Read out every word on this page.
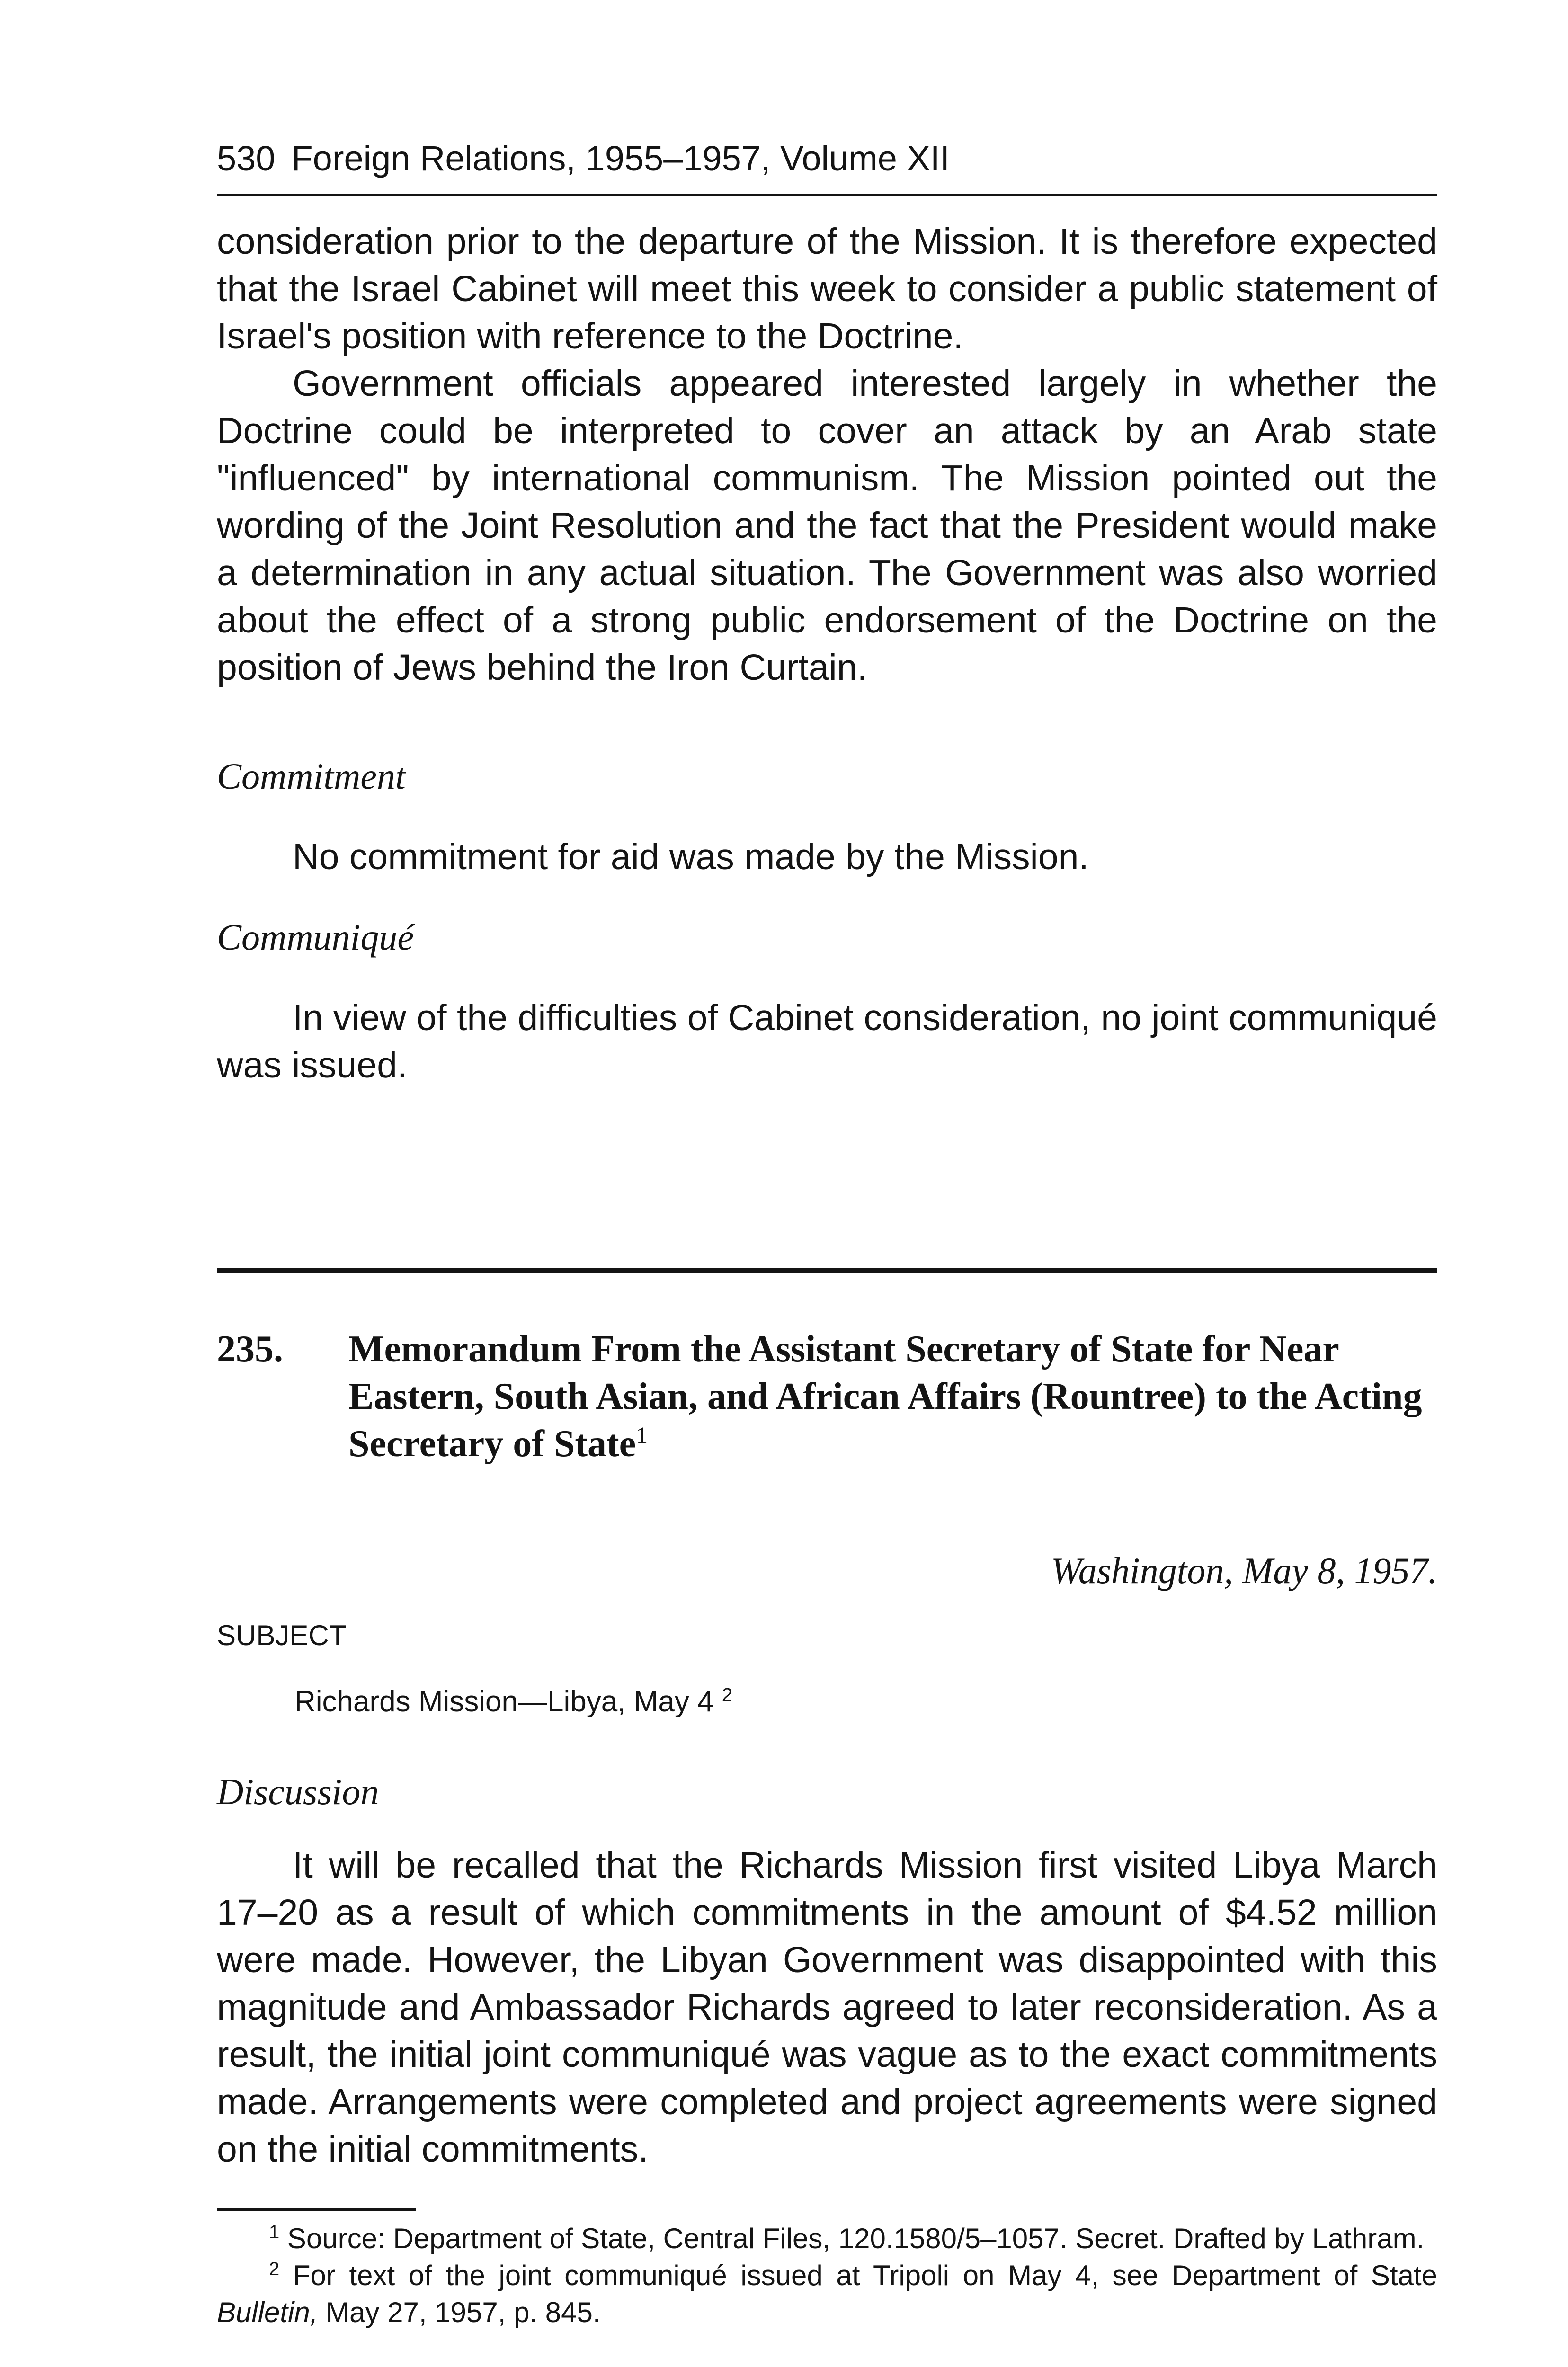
530 Foreign Relations, 1955–1957, Volume XII

consideration prior to the departure of the Mission. It is therefore expected that the Israel Cabinet will meet this week to consider a public statement of Israel's position with reference to the Doctrine.

Government officials appeared interested largely in whether the Doctrine could be interpreted to cover an attack by an Arab state "influenced" by international communism. The Mission pointed out the wording of the Joint Resolution and the fact that the President would make a determination in any actual situation. The Government was also worried about the effect of a strong public endorsement of the Doctrine on the position of Jews behind the Iron Curtain.

Commitment

No commitment for aid was made by the Mission.

Communiqué

In view of the difficulties of Cabinet consideration, no joint communiqué was issued.

235. Memorandum From the Assistant Secretary of State for Near Eastern, South Asian, and African Affairs (Rountree) to the Acting Secretary of State$^1$

Washington, May 8, 1957.

SUBJECT

Richards Mission—Libya, May 4 $^2$

Discussion

It will be recalled that the Richards Mission first visited Libya March 17–20 as a result of which commitments in the amount of $4.52 million were made. However, the Libyan Government was disappointed with this magnitude and Ambassador Richards agreed to later reconsideration. As a result, the initial joint communiqué was vague as to the exact commitments made. Arrangements were completed and project agreements were signed on the initial commitments.

$^1$ Source: Department of State, Central Files, 120.1580/5–1057. Secret. Drafted by Lathram.

$^2$ For text of the joint communiqué issued at Tripoli on May 4, see Department of State Bulletin, May 27, 1957, p. 845.
